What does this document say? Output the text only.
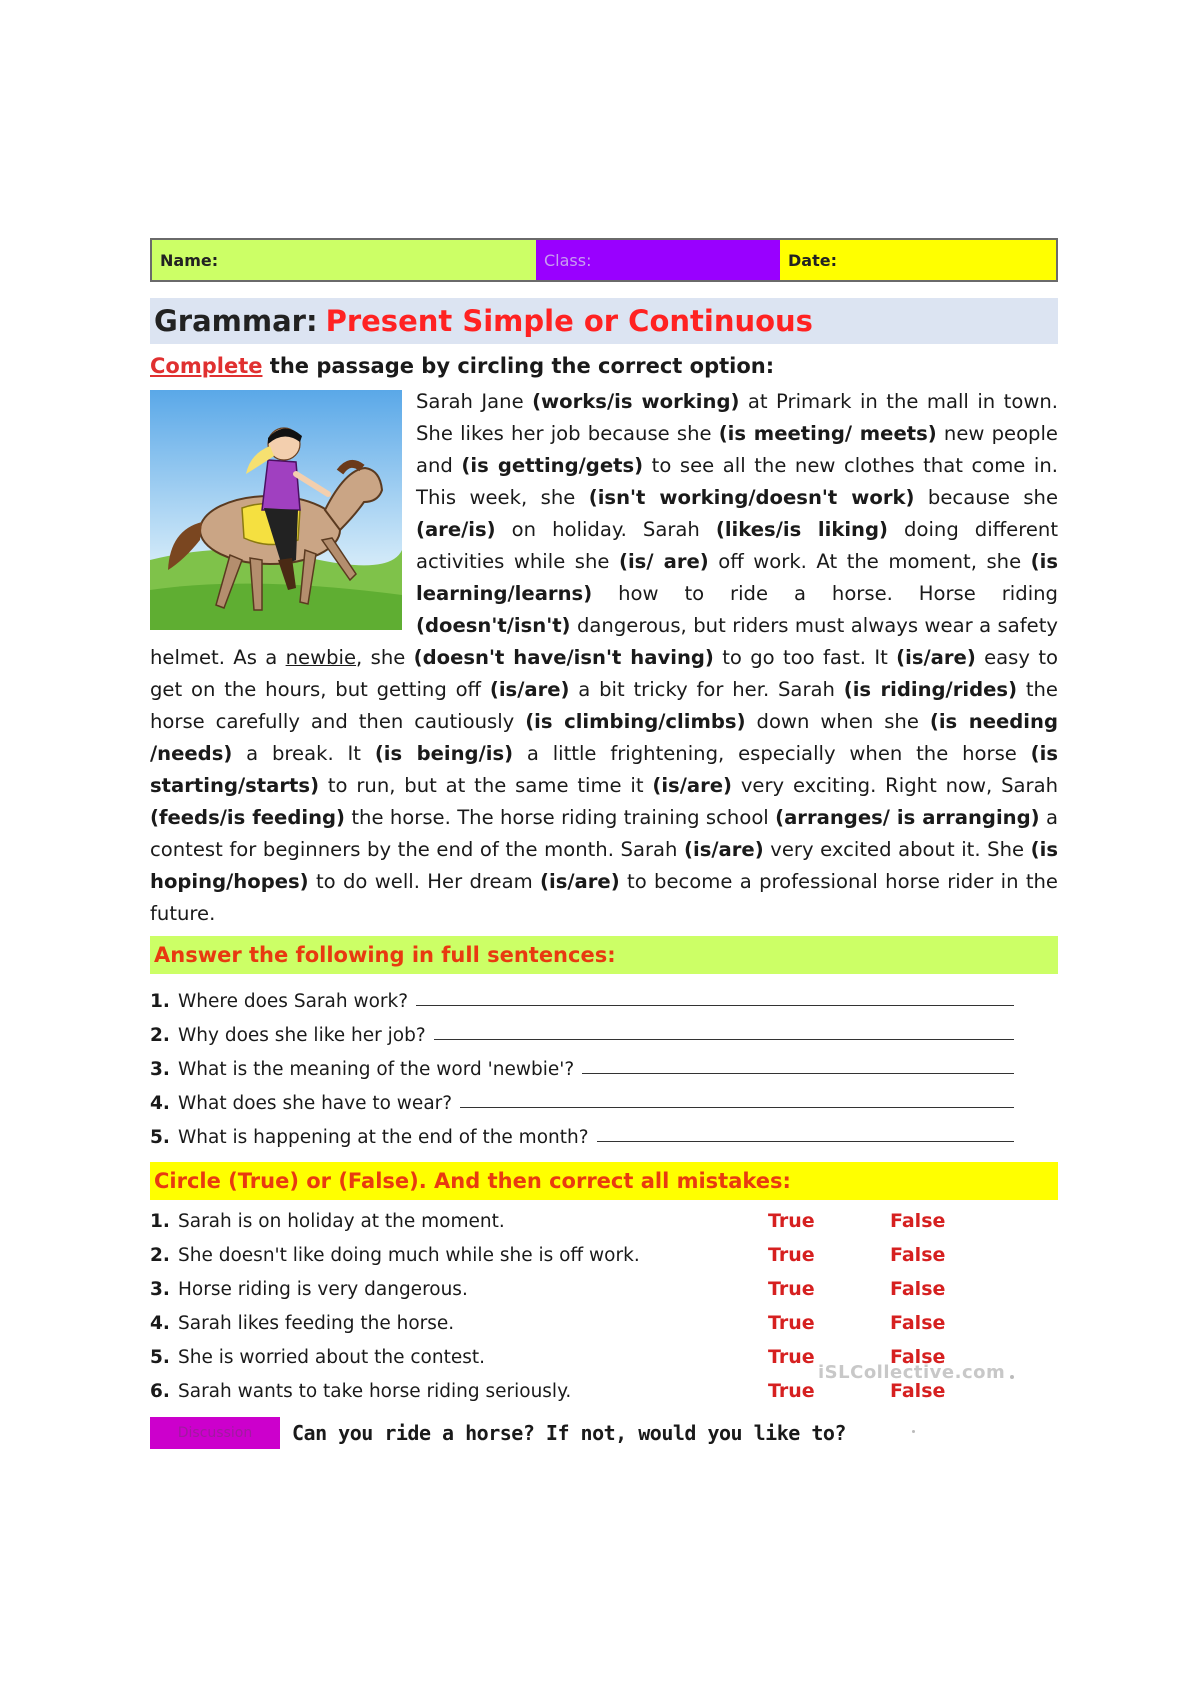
Name:	Class:	Date:
Grammar: Present Simple or Continuous
Complete the passage by circling the correct option:
Sarah Jane (works/is working) at Primark in the mall in town. She likes her job because she (is meeting/ meets) new people and (is getting/gets) to see all the new clothes that come in. This week, she (isn't working/doesn't work) because she (are/is) on holiday. Sarah (likes/is liking) doing different activities while she (is/ are) off work. At the moment, she (is learning/learns) how to ride a horse. Horse riding (doesn't/isn't) dangerous, but riders must always wear a safety helmet. As a newbie, she (doesn't have/isn't having) to go too fast. It (is/are) easy to get on the hours, but getting off (is/are) a bit tricky for her. Sarah (is riding/rides) the horse carefully and then cautiously (is climbing/climbs) down when she (is needing /needs) a break. It (is being/is) a little frightening, especially when the horse (is starting/starts) to run, but at the same time it (is/are) very exciting. Right now, Sarah (feeds/is feeding) the horse. The horse riding training school (arranges/ is arranging) a contest for beginners by the end of the month. Sarah (is/are) very excited about it. She (is hoping/hopes) to do well. Her dream (is/are) to become a professional horse rider in the future.
Answer the following in full sentences:
1. Where does Sarah work?
2. Why does she like her job?
3. What is the meaning of the word 'newbie'?
4. What does she have to wear?
5. What is happening at the end of the month?
Circle (True) or (False). And then correct all mistakes:
1. Sarah is on holiday at the moment.	True	False
2. She doesn't like doing much while she is off work.	True	False
3. Horse riding is very dangerous.	True	False
4. Sarah likes feeding the horse.	True	False
5. She is worried about the contest.	True	False
6. Sarah wants to take horse riding seriously.	True	False
Discussion	Can you ride a horse? If not, would you like to?
iSLCollective.com
